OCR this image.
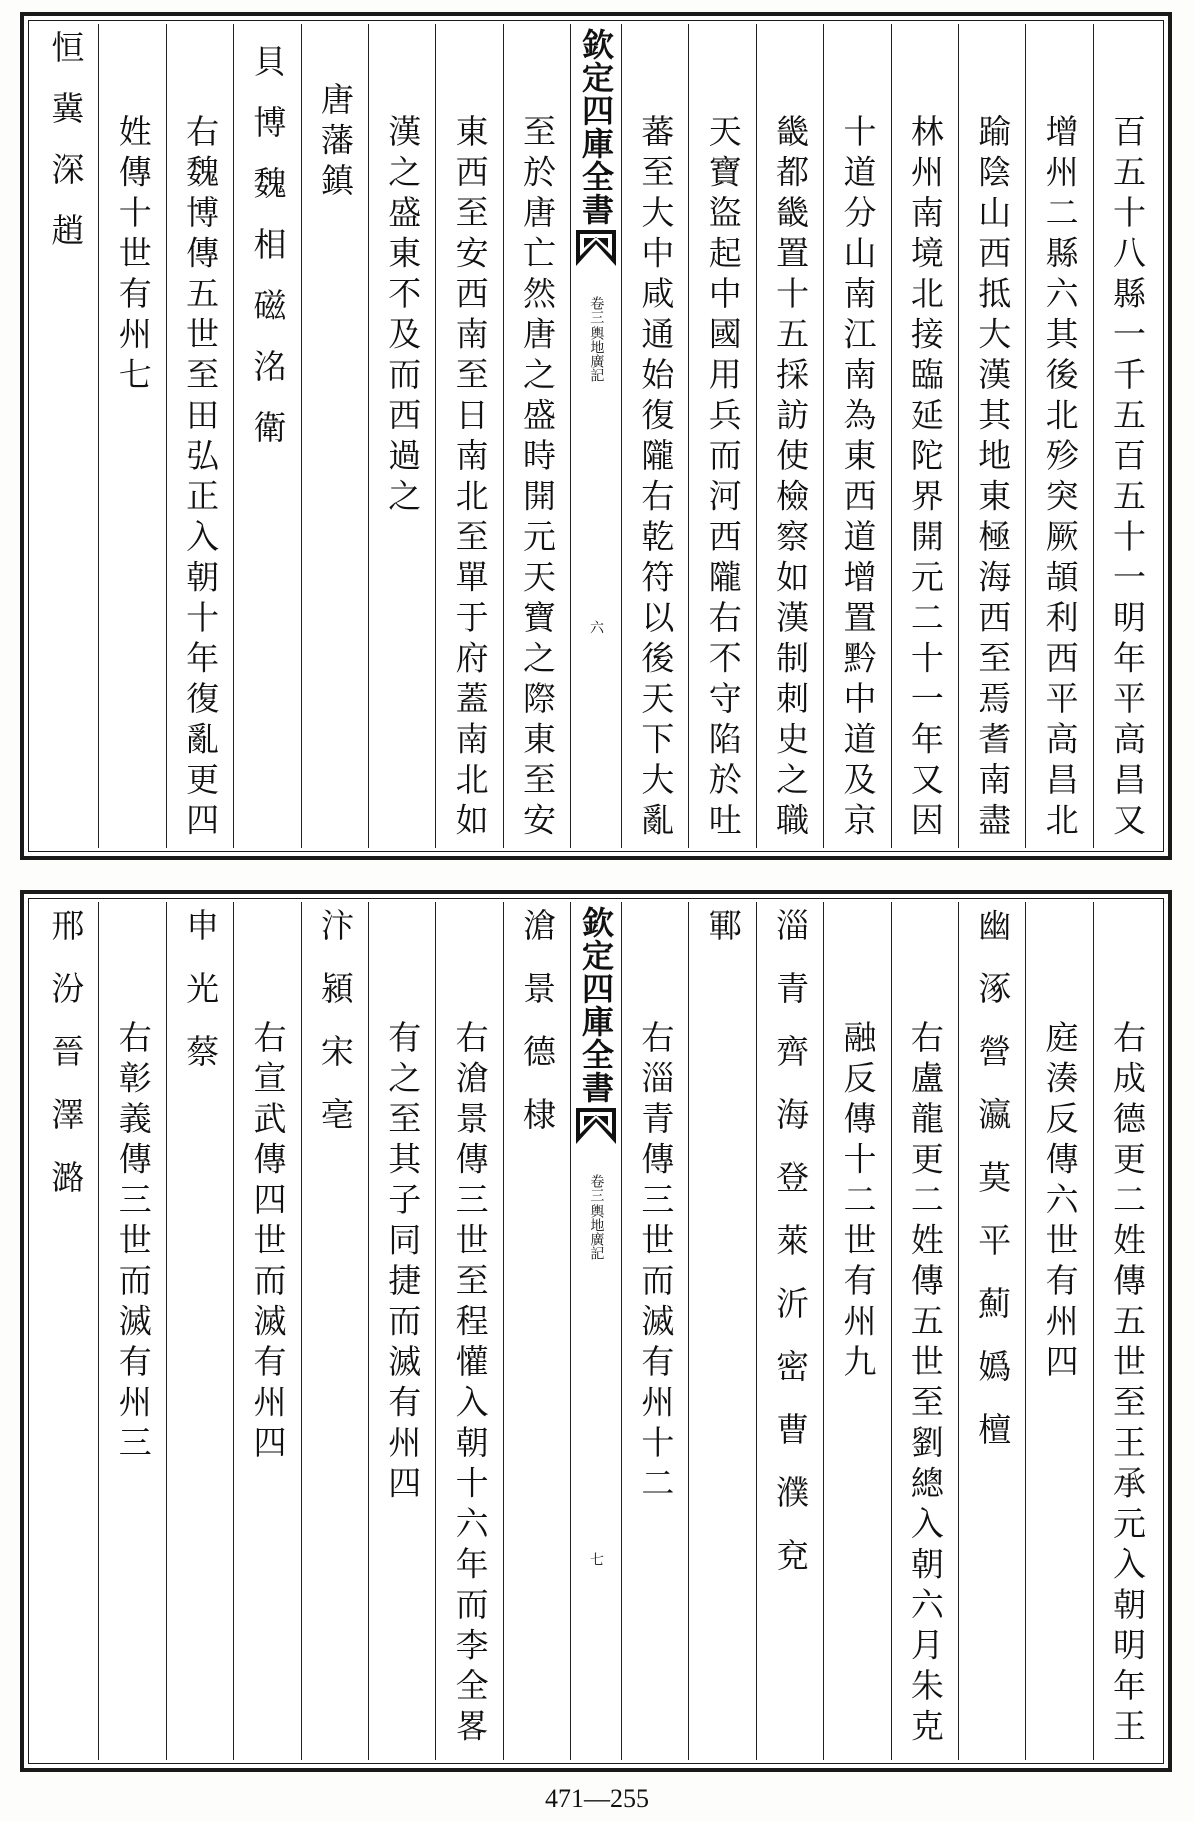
百五十八縣一千五百五十一明年平高昌又
增州二縣六其後北殄突厥頡利西平高昌北
踰陰山西抵大漢其地東極海西至焉耆南盡
林州南境北接臨延陀界開元二十一年又因
十道分山南江南為東西道增置黔中道及京
畿都畿置十五採訪使檢察如漢制刺史之職
天寶盜起中國用兵而河西隴右不守陷於吐
蕃至大中咸通始復隴右乾符以後天下大亂
欽定四庫全書
輿地廣記
卷三
六
至於唐亡然唐之盛時開元天寶之際東至安
東西至安西南至日南北至單于府蓋南北如
漢之盛東不及而西過之
唐藩鎮
貝博魏相磁洺衛
右魏博傳五世至田弘正入朝十年復亂更四
姓傳十世有州七
恒冀深趙
右成德更二姓傳五世至王承元入朝明年王
庭湊反傳六世有州四
幽涿營瀛莫平薊嬀檀
右盧龍更二姓傳五世至劉總入朝六月朱克
融反傳十二世有州九
淄青齊海登萊沂密曹濮兗
鄆
右淄青傳三世而滅有州十二
欽定四庫全書
輿地廣記
卷三
七
滄景德棣
右滄景傳三世至程懽入朝十六年而李全畧
有之至其子同捷而滅有州四
汴潁宋亳
右宣武傳四世而滅有州四
申光蔡
右彰義傳三世而滅有州三
邢汾晉澤潞
471—255
